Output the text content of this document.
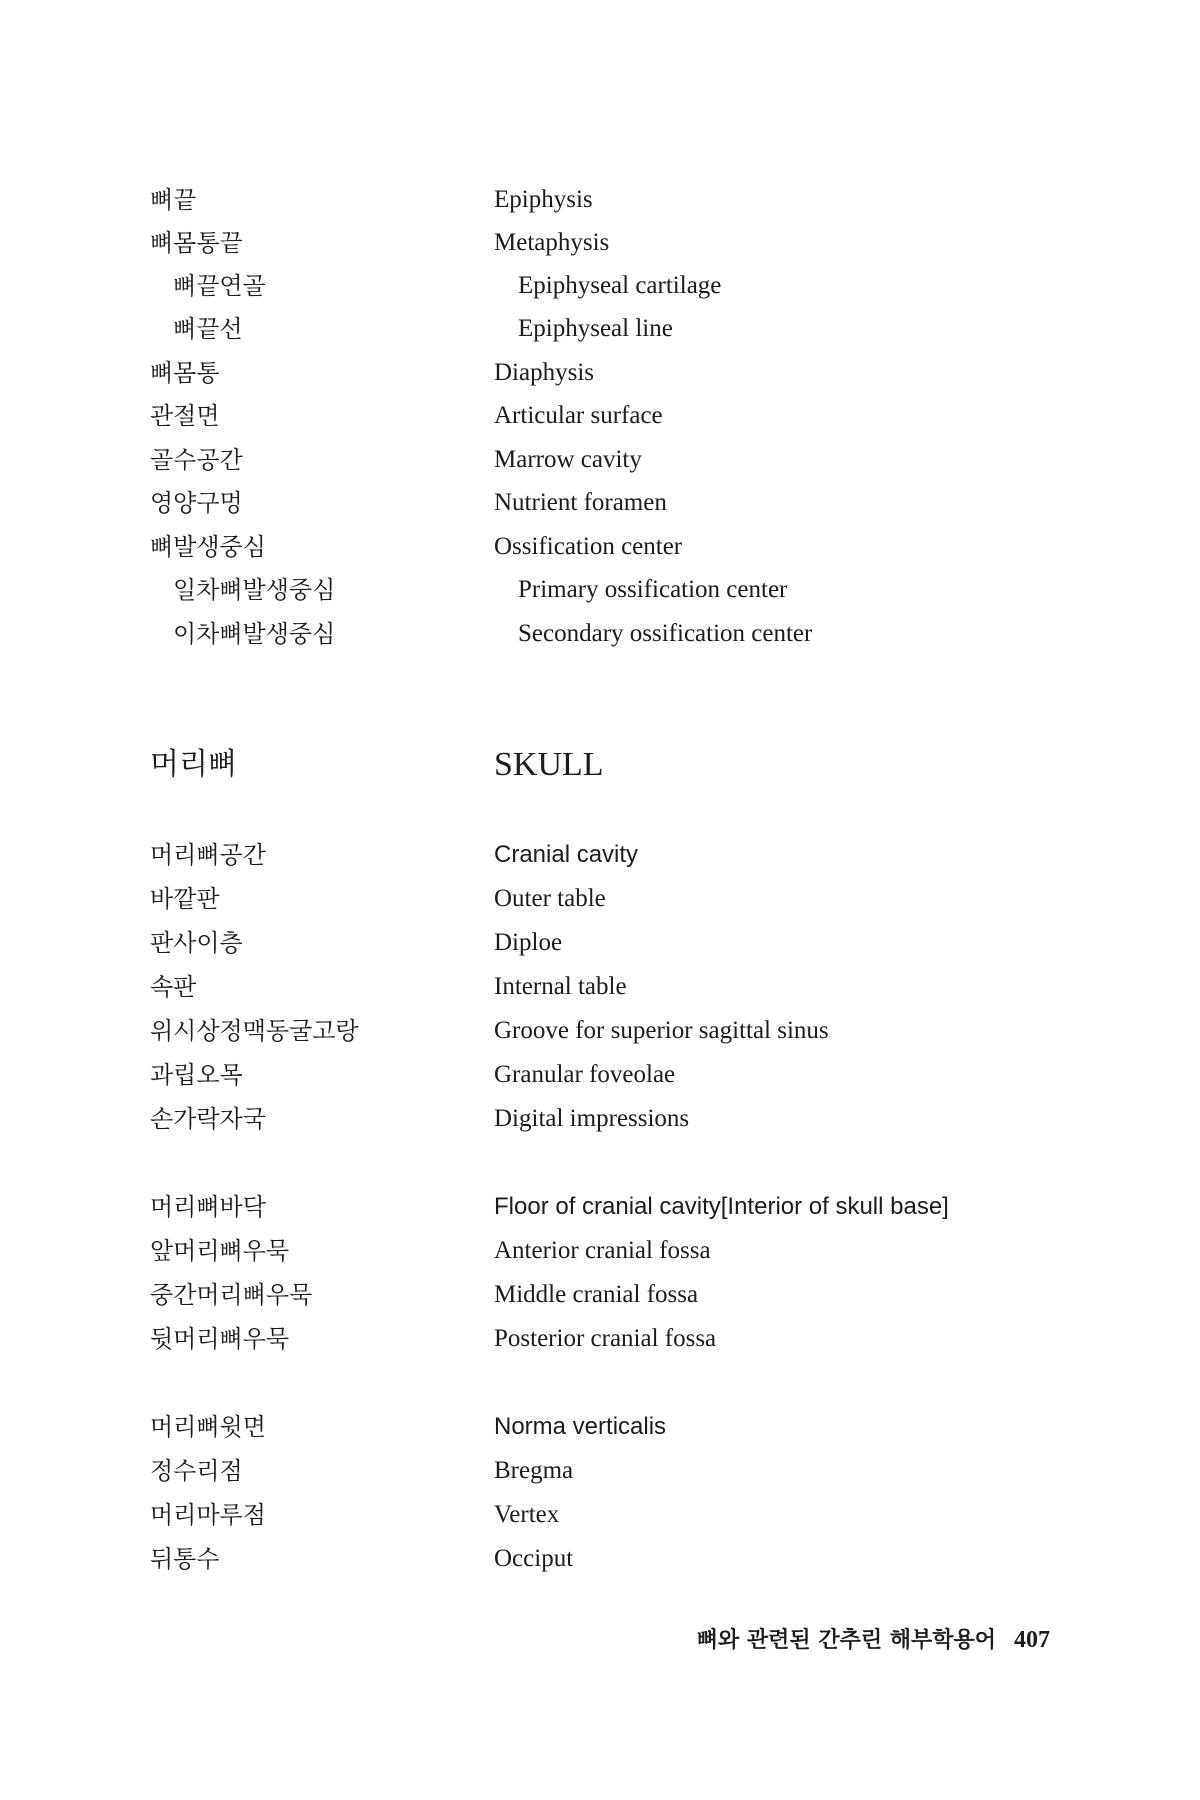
뼈끝	Epiphysis
뼈몸통끝	Metaphysis
뼈끝연골	Epiphyseal cartilage
뼈끝선	Epiphyseal line
뼈몸통	Diaphysis
관절면	Articular surface
골수공간	Marrow cavity
영양구멍	Nutrient foramen
뼈발생중심	Ossification center
일차뼈발생중심	Primary ossification center
이차뼈발생중심	Secondary ossification center
머리뼈	SKULL
머리뼈공간	Cranial cavity
바깥판	Outer table
판사이층	Diploe
속판	Internal table
위시상정맥동굴고랑	Groove for superior sagittal sinus
과립오목	Granular foveolae
손가락자국	Digital impressions
머리뼈바닥	Floor of cranial cavity[Interior of skull base]
앞머리뼈우묵	Anterior cranial fossa
중간머리뼈우묵	Middle cranial fossa
뒷머리뼈우묵	Posterior cranial fossa
머리뼈윗면	Norma verticalis
정수리점	Bregma
머리마루점	Vertex
뒤통수	Occiput
뼈와 관련된 간추린 해부학용어 407
